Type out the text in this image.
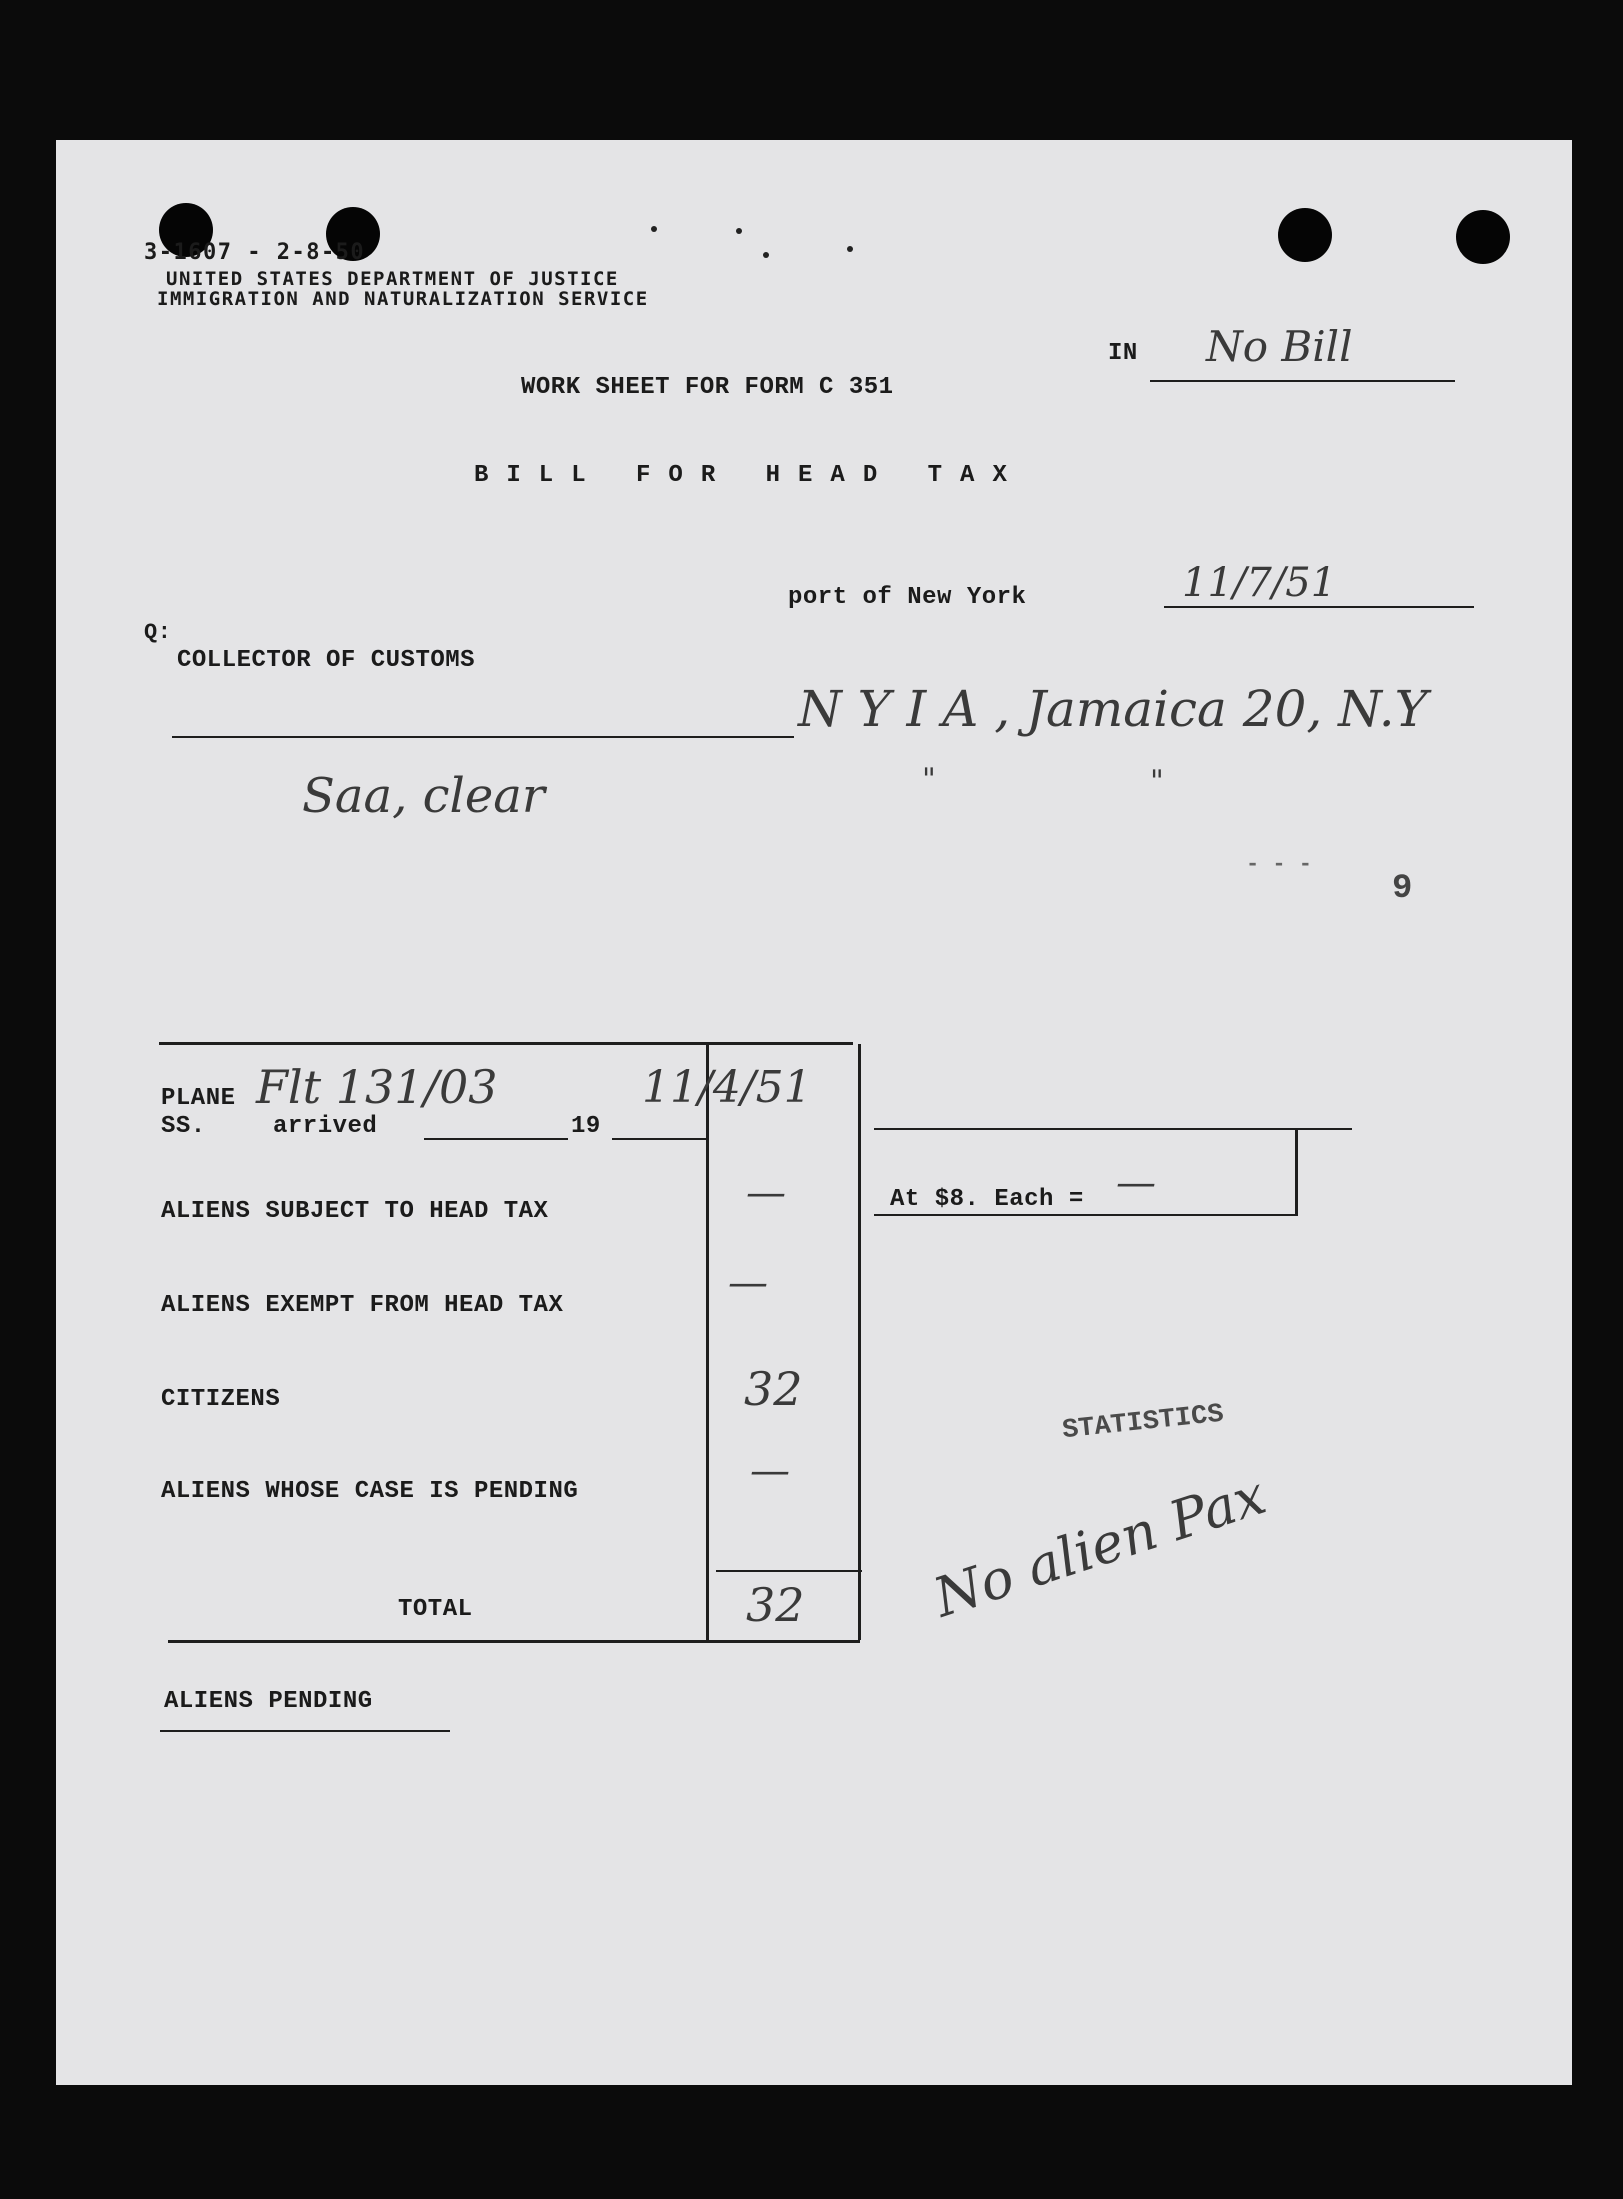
3-1607 - 2-8-50
UNITED STATES DEPARTMENT OF JUSTICE
IMMIGRATION AND NATURALIZATION SERVICE
IN No Bill
WORK SHEET FOR FORM C 351
BILL FOR HEAD TAX
port of New York	11/7/51
Q:
COLLECTOR OF CUSTOMS
N Y I A , Jamaica 20, N.Y
"	"
Saa, clear
- - -
9
PLANE Flt 131/03	11/4/51
SS.	arrived	19
ALIENS SUBJECT TO HEAD TAX	—
ALIENS EXEMPT FROM HEAD TAX	—
CITIZENS	32
ALIENS WHOSE CASE IS PENDING	—
TOTAL	32
At $8. Each = —
STATISTICS
No alien Pax
ALIENS PENDING
